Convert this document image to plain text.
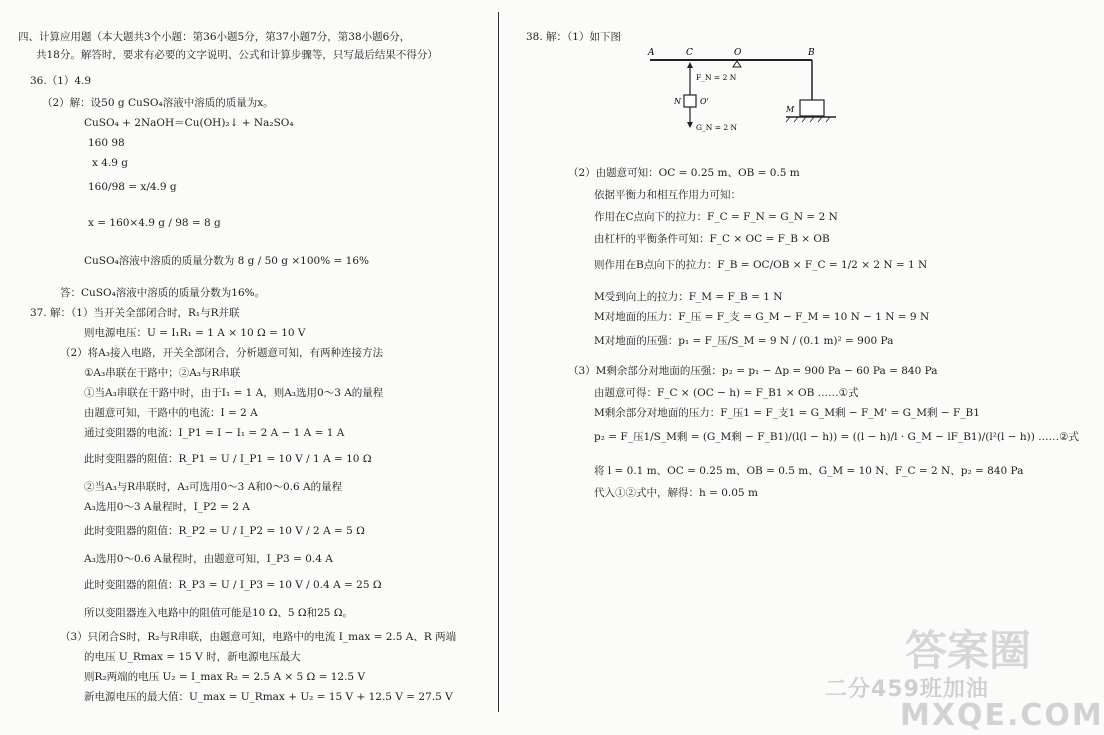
四、计算应用题（本大题共3个小题：第36小题5分，第37小题7分，第38小题6分，
共18分。解答时，要求有必要的文字说明、公式和计算步骤等，只写最后结果不得分）
36.（1）4.9
（2）解：设50 g CuSO₄溶液中溶质的质量为x。
CuSO₄ + 2NaOH＝Cu(OH)₂↓ + Na₂SO₄
160 98
x 4.9 g
160/98 = x/4.9 g
x = 160×4.9 g / 98 = 8 g
CuSO₄溶液中溶质的质量分数为 8 g / 50 g ×100% = 16%
答：CuSO₄溶液中溶质的质量分数为16%。
37. 解：（1）当开关全部闭合时，R₁与R并联
则电源电压：U = I₁R₁ = 1 A × 10 Ω = 10 V
（2）将A₃接入电路，开关全部闭合，分析题意可知，有两种连接方法
①A₃串联在干路中；②A₃与R串联
①当A₃串联在干路中时，由于I₁ = 1 A，则A₃选用0～3 A的量程
由题意可知，干路中的电流：I = 2 A
通过变阻器的电流：I_P1 = I − I₁ = 2 A − 1 A = 1 A
此时变阻器的阻值：R_P1 = U / I_P1 = 10 V / 1 A = 10 Ω
②当A₃与R串联时，A₃可选用0～3 A和0～0.6 A的量程
A₃选用0～3 A量程时，I_P2 = 2 A
此时变阻器的阻值：R_P2 = U / I_P2 = 10 V / 2 A = 5 Ω
A₃选用0～0.6 A量程时，由题意可知，I_P3 = 0.4 A
此时变阻器的阻值：R_P3 = U / I_P3 = 10 V / 0.4 A = 25 Ω
所以变阻器连入电路中的阻值可能是10 Ω、5 Ω和25 Ω。
（3）只闭合S时，R₂与R串联，由题意可知，电路中的电流 I_max = 2.5 A、R 两端
的电压 U_Rmax = 15 V 时，新电源电压最大
则R₂两端的电压 U₂ = I_max R₂ = 2.5 A × 5 Ω = 12.5 V
新电源电压的最大值：U_max = U_Rmax + U₂ = 15 V + 12.5 V = 27.5 V
38. 解：（1）如下图
（2）由题意可知：OC = 0.25 m、OB = 0.5 m
依据平衡力和相互作用力可知：
作用在C点向下的拉力：F_C = F_N = G_N = 2 N
由杠杆的平衡条件可知：F_C × OC = F_B × OB
则作用在B点向下的拉力：F_B = OC/OB × F_C = 1/2 × 2 N = 1 N
M受到向上的拉力：F_M = F_B = 1 N
M对地面的压力：F_压 = F_支 = G_M − F_M = 10 N − 1 N = 9 N
M对地面的压强：p₁ = F_压/S_M = 9 N / (0.1 m)² = 900 Pa
（3）M剩余部分对地面的压强：p₂ = p₁ − Δp = 900 Pa − 60 Pa = 840 Pa
由题意可得：F_C × (OC − h) = F_B1 × OB ……①式
M剩余部分对地面的压力：F_压1 = F_支1 = G_M剩 − F_M' = G_M剩 − F_B1
p₂ = F_压1/S_M剩 = (G_M剩 − F_B1)/(l(l − h)) = ((l − h)/l · G_M − lF_B1)/(l²(l − h)) ……②式
将 l = 0.1 m、OC = 0.25 m、OB = 0.5 m、G_M = 10 N、F_C = 2 N、p₂ = 840 Pa
代入①②式中，解得：h = 0.05 m
A	C	O	B
N O'
M
F_N = 2 N
G_N = 2 N
答案圈
二分459班加油
MXQE.COM
